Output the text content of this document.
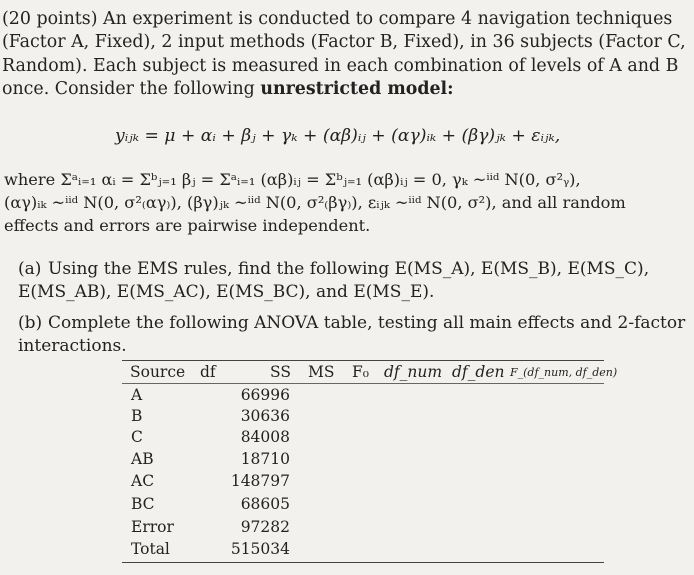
(20 points) An experiment is conducted to compare 4 navigation techniques (Factor A, Fixed), 2 input methods (Factor B, Fixed), in 36 subjects (Factor C, Random). Each subject is measured in each combination of levels of A and B once. Consider the following unrestricted model:

yᵢⱼₖ = μ + αᵢ + βⱼ + γₖ + (αβ)ᵢⱼ + (αγ)ᵢₖ + (βγ)ⱼₖ + εᵢⱼₖ,

where Σᵃᵢ₌₁ αᵢ = Σᵇⱼ₌₁ βⱼ = Σᵃᵢ₌₁ (αβ)ᵢⱼ = Σᵇⱼ₌₁ (αβ)ᵢⱼ = 0, γₖ ~ⁱⁱᵈ N(0, σ²ᵧ),
(αγ)ᵢₖ ~ⁱⁱᵈ N(0, σ²₍αγ₎), (βγ)ⱼₖ ~ⁱⁱᵈ N(0, σ²₍βγ₎), εᵢⱼₖ ~ⁱⁱᵈ N(0, σ²), and all random
effects and errors are pairwise independent.

(a) Using the EMS rules, find the following E(MS_A), E(MS_B), E(MS_C), E(MS_AB), E(MS_AC), E(MS_BC), and E(MS_E).

(b) Complete the following ANOVA table, testing all main effects and 2-factor interactions.

Source df	SS MS F₀ df_num df_den F_(df_num, df_den)
A	66996
B	30636
C	84008
AB	18710
AC	148797
BC	68605
Error	97282
Total	515034
